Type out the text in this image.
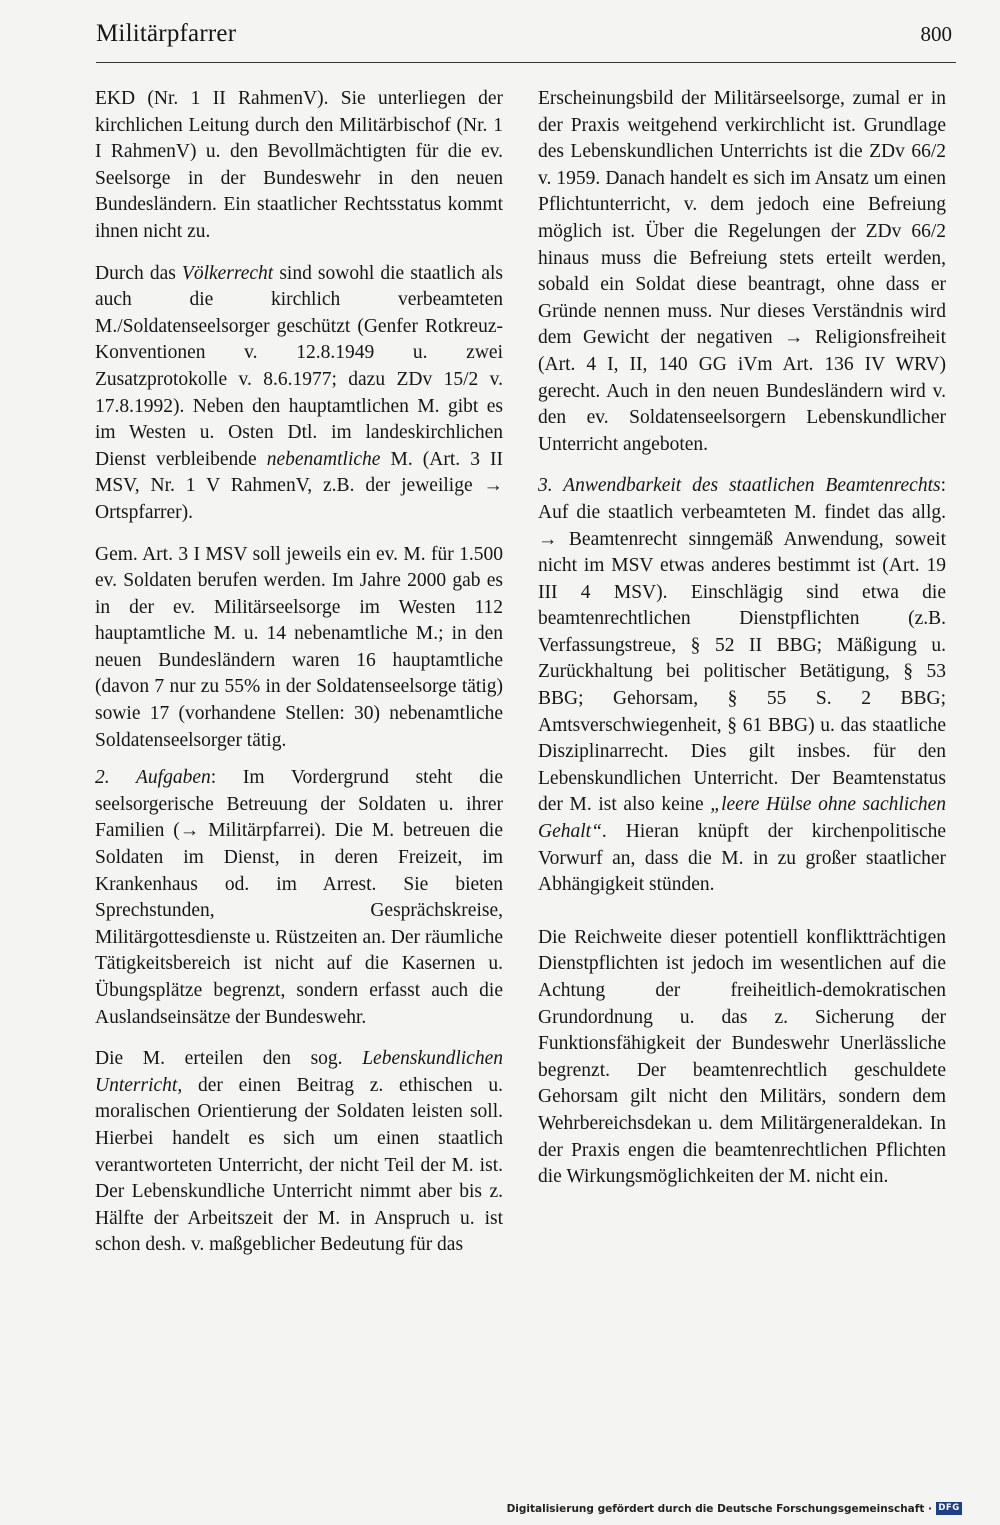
Militärpfarrer	800

EKD (Nr. 1 II RahmenV). Sie unterliegen der kirchlichen Leitung durch den Militärbischof (Nr. 1 I RahmenV) u. den Bevollmächtigten für die ev. Seelsorge in der Bundeswehr in den neuen Bundesländern. Ein staatlicher Rechtsstatus kommt ihnen nicht zu.

Durch das Völkerrecht sind sowohl die staatlich als auch die kirchlich verbeamteten M./Soldatenseelsorger geschützt (Genfer Rotkreuz-Konventionen v. 12.8.1949 u. zwei Zusatzprotokolle v. 8.6.1977; dazu ZDv 15/2 v. 17.8.1992). Neben den hauptamtlichen M. gibt es im Westen u. Osten Dtl. im landeskirchlichen Dienst verbleibende nebenamtliche M. (Art. 3 II MSV, Nr. 1 V RahmenV, z.B. der jeweilige → Ortspfarrer).

Gem. Art. 3 I MSV soll jeweils ein ev. M. für 1.500 ev. Soldaten berufen werden. Im Jahre 2000 gab es in der ev. Militärseelsorge im Westen 112 hauptamtliche M. u. 14 nebenamtliche M.; in den neuen Bundesländern waren 16 hauptamtliche (davon 7 nur zu 55% in der Soldatenseelsorge tätig) sowie 17 (vorhandene Stellen: 30) nebenamtliche Soldatenseelsorger tätig.

2. Aufgaben: Im Vordergrund steht die seelsorgerische Betreuung der Soldaten u. ihrer Familien (→ Militärpfarrei). Die M. betreuen die Soldaten im Dienst, in deren Freizeit, im Krankenhaus od. im Arrest. Sie bieten Sprechstunden, Gesprächskreise, Militärgottesdienste u. Rüstzeiten an. Der räumliche Tätigkeitsbereich ist nicht auf die Kasernen u. Übungsplätze begrenzt, sondern erfasst auch die Auslandseinsätze der Bundeswehr.

Die M. erteilen den sog. Lebenskundlichen Unterricht, der einen Beitrag z. ethischen u. moralischen Orientierung der Soldaten leisten soll. Hierbei handelt es sich um einen staatlich verantworteten Unterricht, der nicht Teil der M. ist. Der Lebenskundliche Unterricht nimmt aber bis z. Hälfte der Arbeitszeit der M. in Anspruch u. ist schon desh. v. maßgeblicher Bedeutung für das

Erscheinungsbild der Militärseelsorge, zumal er in der Praxis weitgehend verkirchlicht ist. Grundlage des Lebenskundlichen Unterrichts ist die ZDv 66/2 v. 1959. Danach handelt es sich im Ansatz um einen Pflichtunterricht, v. dem jedoch eine Befreiung möglich ist. Über die Regelungen der ZDv 66/2 hinaus muss die Befreiung stets erteilt werden, sobald ein Soldat diese beantragt, ohne dass er Gründe nennen muss. Nur dieses Verständnis wird dem Gewicht der negativen → Religionsfreiheit (Art. 4 I, II, 140 GG iVm Art. 136 IV WRV) gerecht. Auch in den neuen Bundesländern wird v. den ev. Soldatenseelsorgern Lebenskundlicher Unterricht angeboten.

3. Anwendbarkeit des staatlichen Beamtenrechts: Auf die staatlich verbeamteten M. findet das allg. → Beamtenrecht sinngemäß Anwendung, soweit nicht im MSV etwas anderes bestimmt ist (Art. 19 III 4 MSV). Einschlägig sind etwa die beamtenrechtlichen Dienstpflichten (z.B. Verfassungstreue, § 52 II BBG; Mäßigung u. Zurückhaltung bei politischer Betätigung, § 53 BBG; Gehorsam, § 55 S. 2 BBG; Amtsverschwiegenheit, § 61 BBG) u. das staatliche Disziplinarrecht. Dies gilt insbes. für den Lebenskundlichen Unterricht. Der Beamtenstatus der M. ist also keine „leere Hülse ohne sachlichen Gehalt“. Hieran knüpft der kirchenpolitische Vorwurf an, dass die M. in zu großer staatlicher Abhängigkeit stünden.

Die Reichweite dieser potentiell konfliktträchtigen Dienstpflichten ist jedoch im wesentlichen auf die Achtung der freiheitlich-demokratischen Grundordnung u. das z. Sicherung der Funktionsfähigkeit der Bundeswehr Unerlässliche begrenzt. Der beamtenrechtlich geschuldete Gehorsam gilt nicht den Militärs, sondern dem Wehrbereichsdekan u. dem Militärgeneraldekan. In der Praxis engen die beamtenrechtlichen Pflichten die Wirkungsmöglichkeiten der M. nicht ein.

Digitalisierung gefördert durch die Deutsche Forschungsgemeinschaft · DFG
